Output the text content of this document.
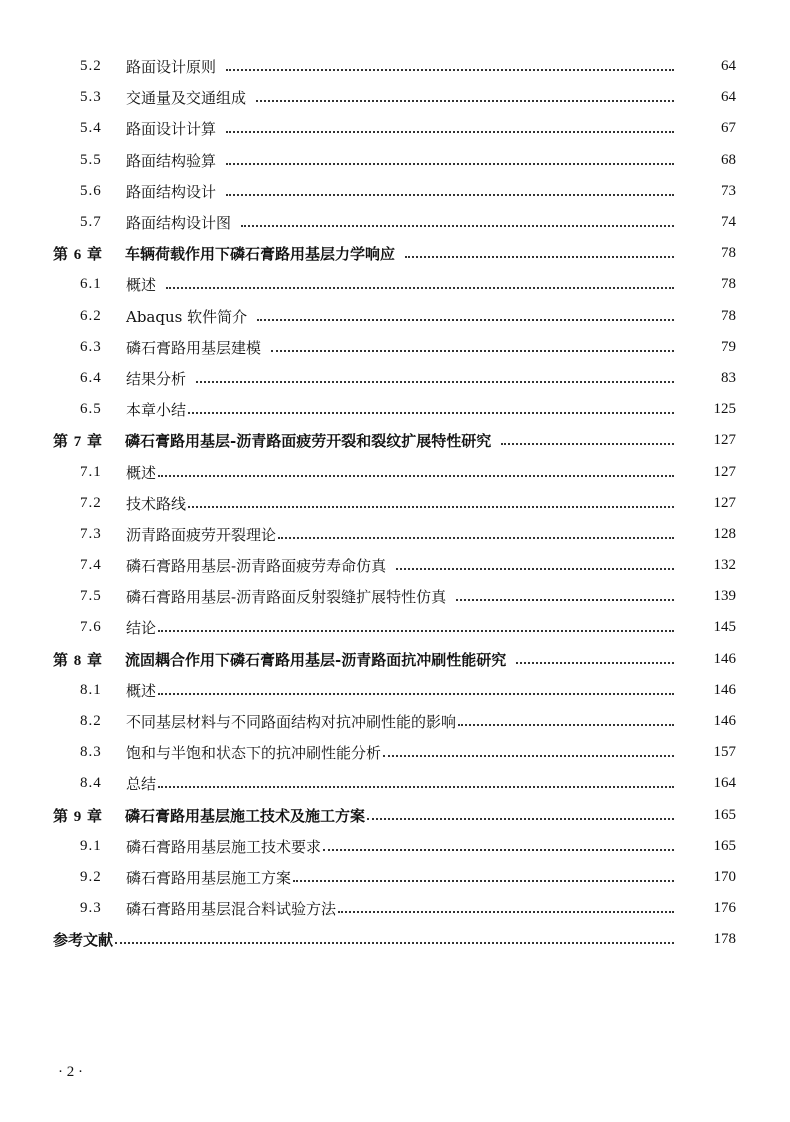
5.2	路面设计原则	64
5.3	交通量及交通组成	64
5.4	路面设计计算	67
5.5	路面结构验算	68
5.6	路面结构设计	73
5.7	路面结构设计图	74
第 6 章	车辆荷载作用下磷石膏路用基层力学响应	78
6.1	概述	78
6.2	Abaqus 软件简介	78
6.3	磷石膏路用基层建模	79
6.4	结果分析	83
6.5	本章小结	125
第 7 章	磷石膏路用基层-沥青路面疲劳开裂和裂纹扩展特性研究	127
7.1	概述	127
7.2	技术路线	127
7.3	沥青路面疲劳开裂理论	128
7.4	磷石膏路用基层-沥青路面疲劳寿命仿真	132
7.5	磷石膏路用基层-沥青路面反射裂缝扩展特性仿真	139
7.6	结论	145
第 8 章	流固耦合作用下磷石膏路用基层-沥青路面抗冲刷性能研究	146
8.1	概述	146
8.2	不同基层材料与不同路面结构对抗冲刷性能的影响	146
8.3	饱和与半饱和状态下的抗冲刷性能分析	157
8.4	总结	164
第 9 章	磷石膏路用基层施工技术及施工方案	165
9.1	磷石膏路用基层施工技术要求	165
9.2	磷石膏路用基层施工方案	170
9.3	磷石膏路用基层混合料试验方法	176
参考文献	178
· 2 ·
